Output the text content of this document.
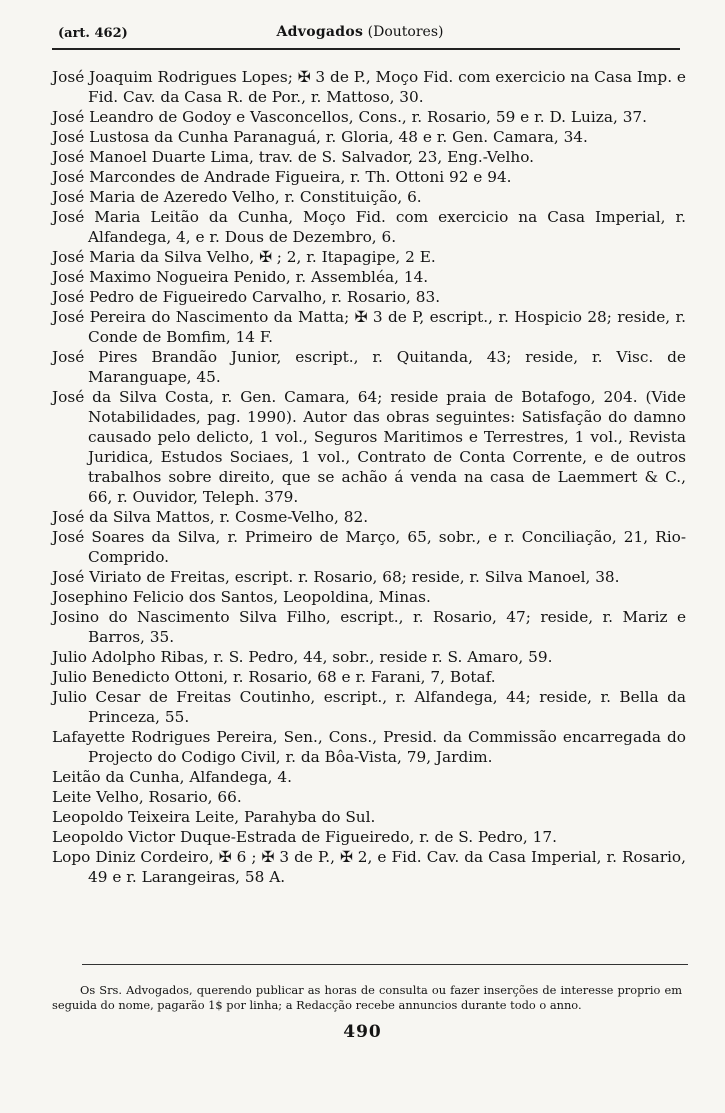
(art. 462)	Advogados (Doutores)

José Joaquim Rodrigues Lopes; ✠ 3 de P., Moço Fid. com exercicio na Casa Imp. e Fid. Cav. da Casa R. de Por., r. Mattoso, 30.

José Leandro de Godoy e Vasconcellos, Cons., r. Rosario, 59 e r. D. Luiza, 37.

José Lustosa da Cunha Paranaguá, r. Gloria, 48 e r. Gen. Camara, 34.

José Manoel Duarte Lima, trav. de S. Salvador, 23, Eng.-Velho.

José Marcondes de Andrade Figueira, r. Th. Ottoni 92 e 94.

José Maria de Azeredo Velho, r. Constituição, 6.

José Maria Leitão da Cunha, Moço Fid. com exercicio na Casa Imperial, r. Alfandega, 4, e r. Dous de Dezembro, 6.

José Maria da Silva Velho, ✠ ; 2, r. Itapagipe, 2 E.

José Maximo Nogueira Penido, r. Assembléa, 14.

José Pedro de Figueiredo Carvalho, r. Rosario, 83.

José Pereira do Nascimento da Matta; ✠ 3 de P, escript., r. Hospicio 28; reside, r. Conde de Bomfim, 14 F.

José Pires Brandão Junior, escript., r. Quitanda, 43; reside, r. Visc. de Maranguape, 45.

José da Silva Costa, r. Gen. Camara, 64; reside praia de Botafogo, 204. (Vide Notabilidades, pag. 1990). Autor das obras seguintes: Satisfação do damno causado pelo delicto, 1 vol., Seguros Maritimos e Terrestres, 1 vol., Revista Juridica, Estudos Sociaes, 1 vol., Contrato de Conta Corrente, e de outros trabalhos sobre direito, que se achão á venda na casa de Laemmert & C., 66, r. Ouvidor, Teleph. 379.

José da Silva Mattos, r. Cosme-Velho, 82.

José Soares da Silva, r. Primeiro de Março, 65, sobr., e r. Conciliação, 21, Rio-Comprido.

José Viriato de Freitas, escript. r. Rosario, 68; reside, r. Silva Manoel, 38.

Josephino Felicio dos Santos, Leopoldina, Minas.

Josino do Nascimento Silva Filho, escript., r. Rosario, 47; reside, r. Mariz e Barros, 35.

Julio Adolpho Ribas, r. S. Pedro, 44, sobr., reside r. S. Amaro, 59.

Julio Benedicto Ottoni, r. Rosario, 68 e r. Farani, 7, Botaf.

Julio Cesar de Freitas Coutinho, escript., r. Alfandega, 44; reside, r. Bella da Princeza, 55.

Lafayette Rodrigues Pereira, Sen., Cons., Presid. da Commissão encarregada do Projecto do Codigo Civil, r. da Bôa-Vista, 79, Jardim.

Leitão da Cunha, Alfandega, 4.

Leite Velho, Rosario, 66.

Leopoldo Teixeira Leite, Parahyba do Sul.

Leopoldo Victor Duque-Estrada de Figueiredo, r. de S. Pedro, 17.

Lopo Diniz Cordeiro, ✠ 6 ; ✠ 3 de P., ✠ 2, e Fid. Cav. da Casa Imperial, r. Rosario, 49 e r. Larangeiras, 58 A.

Os Srs. Advogados, querendo publicar as horas de consulta ou fazer inserções de interesse proprio em seguida do nome, pagarão 1$ por linha; a Redacção recebe annuncios durante todo o anno.

490
